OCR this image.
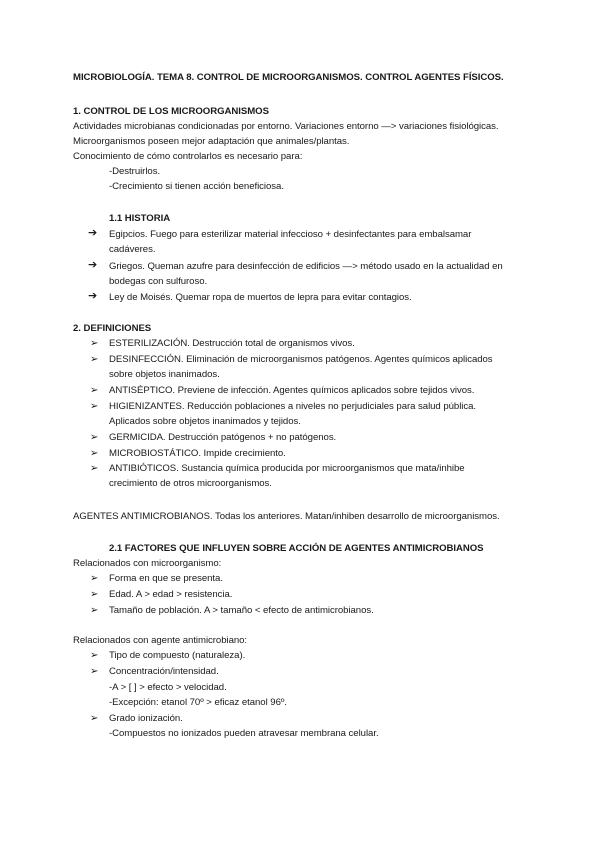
MICROBIOLOGÍA. TEMA 8. CONTROL DE MICROORGANISMOS. CONTROL AGENTES FÍSICOS.
1. CONTROL DE LOS MICROORGANISMOS
Actividades microbianas condicionadas por entorno. Variaciones entorno —> variaciones fisiológicas.
Microorganismos poseen mejor adaptación que animales/plantas.
Conocimiento de cómo controlarlos es necesario para:
-Destruirlos.
-Crecimiento si tienen acción beneficiosa.
1.1 HISTORIA
➔ Egipcios. Fuego para esterilizar material infeccioso + desinfectantes para embalsamar
cadáveres.
➔ Griegos. Queman azufre para desinfección de edificios —> método usado en la actualidad en
bodegas con sulfuroso.
➔ Ley de Moisés. Quemar ropa de muertos de lepra para evitar contagios.
2. DEFINICIONES
➢ ESTERILIZACIÓN. Destrucción total de organismos vivos.
➢ DESINFECCIÓN. Eliminación de microorganismos patógenos. Agentes químicos aplicados
sobre objetos inanimados.
➢ ANTISÉPTICO. Previene de infección. Agentes químicos aplicados sobre tejidos vivos.
➢ HIGIENIZANTES. Reducción poblaciones a niveles no perjudiciales para salud pública.
Aplicados sobre objetos inanimados y tejidos.
➢ GERMICIDA. Destrucción patógenos + no patógenos.
➢ MICROBIOSTÁTICO. Impide crecimiento.
➢ ANTIBIÓTICOS. Sustancia química producida por microorganismos que mata/inhibe
crecimiento de otros microorganismos.
AGENTES ANTIMICROBIANOS. Todas los anteriores. Matan/inhiben desarrollo de microorganismos.
2.1 FACTORES QUE INFLUYEN SOBRE ACCIÓN DE AGENTES ANTIMICROBIANOS
Relacionados con microorganismo:
➢ Forma en que se presenta.
➢ Edad. A > edad > resistencia.
➢ Tamaño de población. A > tamaño < efecto de antimicrobianos.
Relacionados con agente antimicrobiano:
➢ Tipo de compuesto (naturaleza).
➢ Concentración/intensidad.
-A > [ ] > efecto > velocidad.
-Excepción: etanol 70º > eficaz etanol 96º.
➢ Grado ionización.
-Compuestos no ionizados pueden atravesar membrana celular.
